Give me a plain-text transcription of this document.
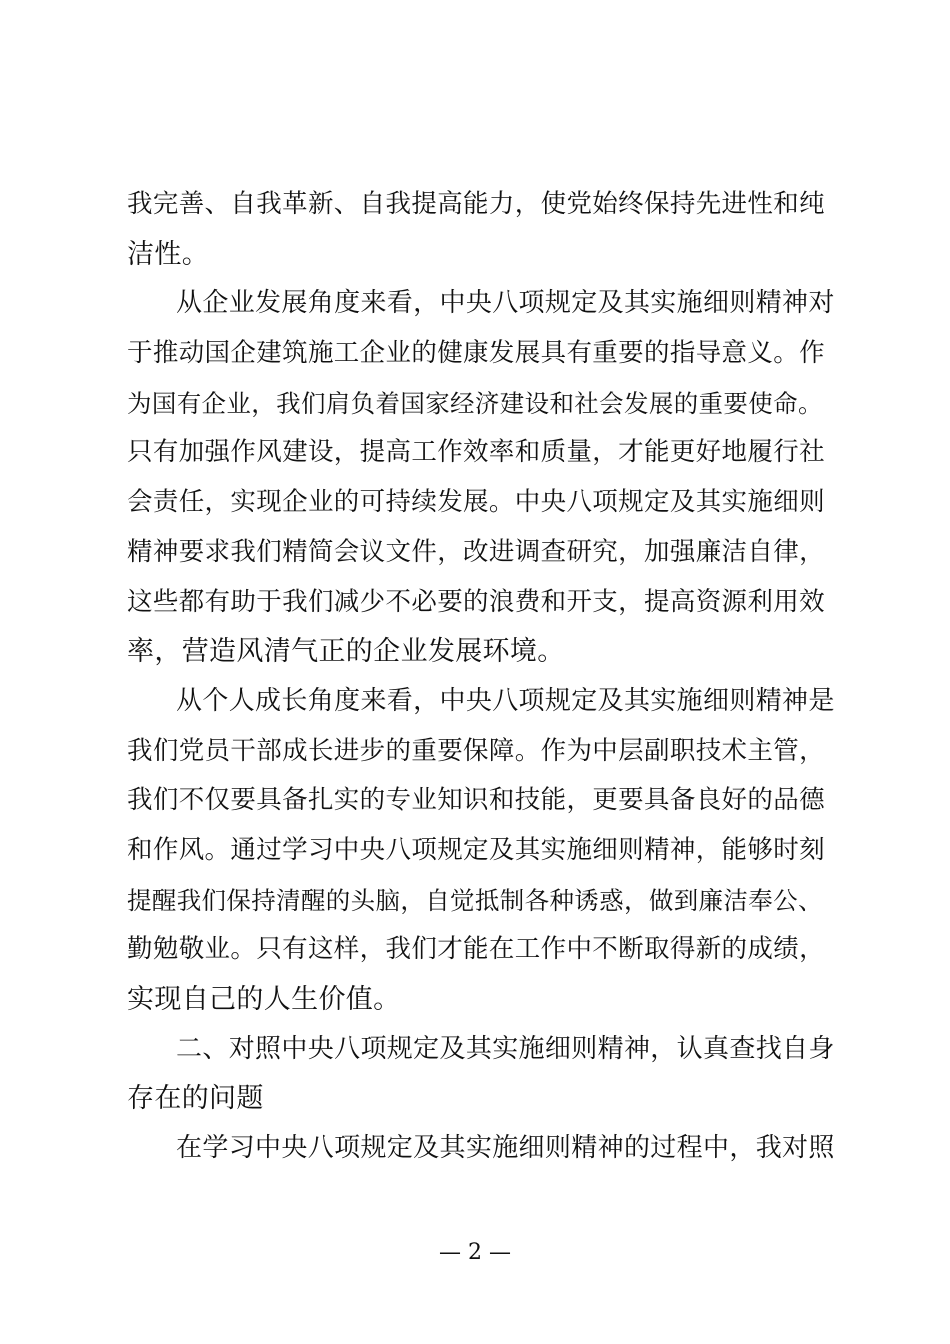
我完善、自我革新、自我提高能力，使党始终保持先进性和纯
洁性。
从企业发展角度来看，中央八项规定及其实施细则精神对
于推动国企建筑施工企业的健康发展具有重要的指导意义。作
为国有企业，我们肩负着国家经济建设和社会发展的重要使命。
只有加强作风建设，提高工作效率和质量，才能更好地履行社
会责任，实现企业的可持续发展。中央八项规定及其实施细则
精神要求我们精简会议文件，改进调查研究，加强廉洁自律，
这些都有助于我们减少不必要的浪费和开支，提高资源利用效
率，营造风清气正的企业发展环境。
从个人成长角度来看，中央八项规定及其实施细则精神是
我们党员干部成长进步的重要保障。作为中层副职技术主管，
我们不仅要具备扎实的专业知识和技能，更要具备良好的品德
和作风。通过学习中央八项规定及其实施细则精神，能够时刻
提醒我们保持清醒的头脑，自觉抵制各种诱惑，做到廉洁奉公、
勤勉敬业。只有这样，我们才能在工作中不断取得新的成绩，
实现自己的人生价值。
二、对照中央八项规定及其实施细则精神，认真查找自身
存在的问题
在学习中央八项规定及其实施细则精神的过程中，我对照
— 2 —
